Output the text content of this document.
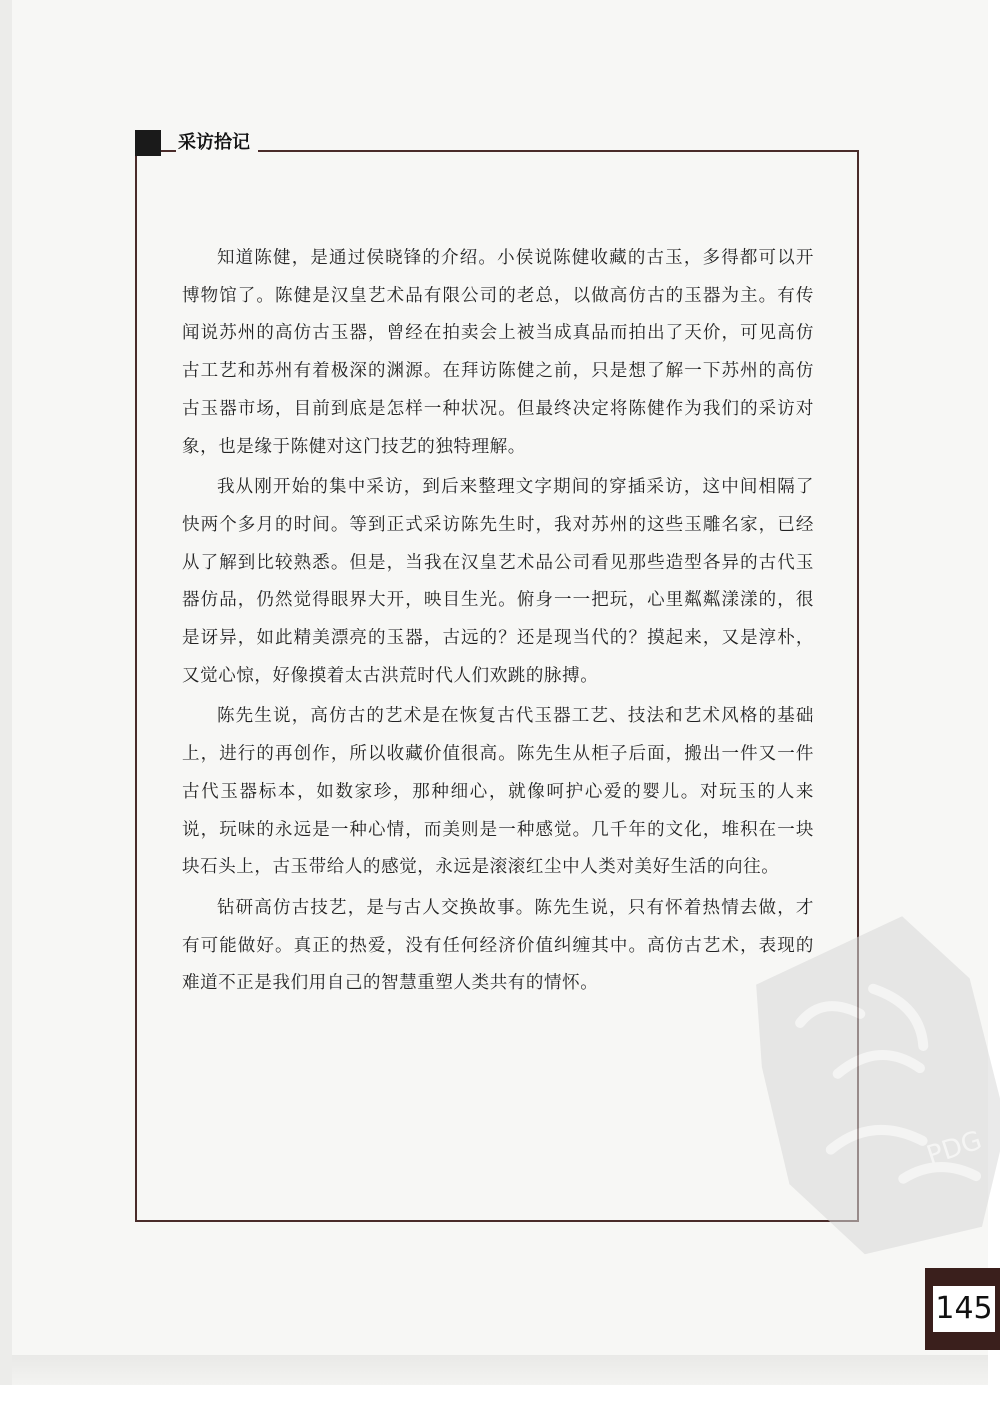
采访拾记

知道陈健，是通过侯晓锋的介绍。小侯说陈健收藏的古玉，多得都可以开博物馆了。陈健是汉皇艺术品有限公司的老总，以做高仿古的玉器为主。有传闻说苏州的高仿古玉器，曾经在拍卖会上被当成真品而拍出了天价，可见高仿古工艺和苏州有着极深的渊源。在拜访陈健之前，只是想了解一下苏州的高仿古玉器市场，目前到底是怎样一种状况。但最终决定将陈健作为我们的采访对象，也是缘于陈健对这门技艺的独特理解。

我从刚开始的集中采访，到后来整理文字期间的穿插采访，这中间相隔了快两个多月的时间。等到正式采访陈先生时，我对苏州的这些玉雕名家，已经从了解到比较熟悉。但是，当我在汉皇艺术品公司看见那些造型各异的古代玉器仿品，仍然觉得眼界大开，映目生光。俯身一一把玩，心里粼粼漾漾的，很是讶异，如此精美漂亮的玉器，古远的？还是现当代的？摸起来，又是淳朴，又觉心惊，好像摸着太古洪荒时代人们欢跳的脉搏。

陈先生说，高仿古的艺术是在恢复古代玉器工艺、技法和艺术风格的基础上，进行的再创作，所以收藏价值很高。陈先生从柜子后面，搬出一件又一件古代玉器标本，如数家珍，那种细心，就像呵护心爱的婴儿。对玩玉的人来说，玩味的永远是一种心情，而美则是一种感觉。几千年的文化，堆积在一块块石头上，古玉带给人的感觉，永远是滚滚红尘中人类对美好生活的向往。

钻研高仿古技艺，是与古人交换故事。陈先生说，只有怀着热情去做，才有可能做好。真正的热爱，没有任何经济价值纠缠其中。高仿古艺术，表现的难道不正是我们用自己的智慧重塑人类共有的情怀。

PDG
145
